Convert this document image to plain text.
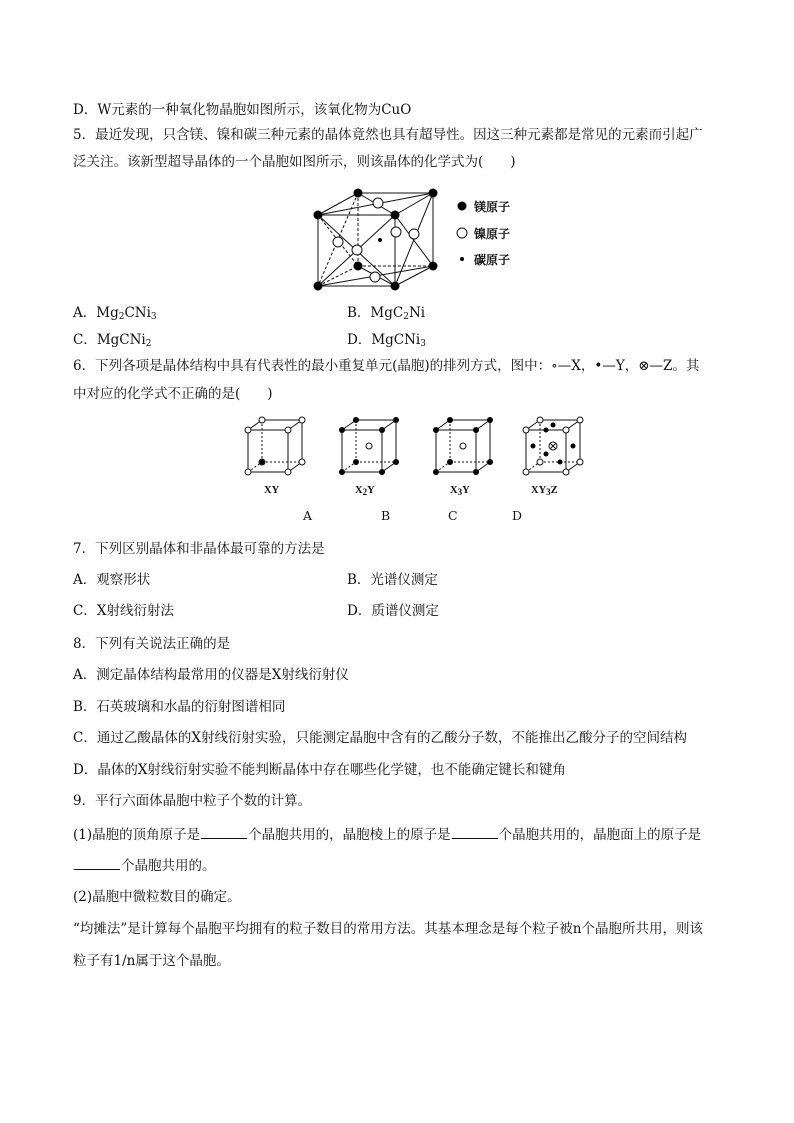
D．W元素的一种氧化物晶胞如图所示，该氧化物为CuO
5．最近发现，只含镁、镍和碳三种元素的晶体竟然也具有超导性。因这三种元素都是常见的元素而引起广
泛关注。该新型超导晶体的一个晶胞如图所示，则该晶体的化学式为(　　)
镁原子
镍原子
碳原子
A．$Mg_2CNi_3$	B．MgC$_2$Ni
C．MgCNi$_2$	D．MgCNi$_3$
6．下列各项是晶体结构中具有代表性的最小重复单元(晶胞)的排列方式，图中：∘—X，•—Y，⊗—Z。其
中对应的化学式不正确的是(　　)
XY	$X_2Y$	$X_3Y$	$XY_3Z$
A	B	C	D
7．下列区别晶体和非晶体最可靠的方法是
A．观察形状	B．光谱仪测定
C．X射线衍射法	D．质谱仪测定
8．下列有关说法正确的是
A．测定晶体结构最常用的仪器是X射线衍射仪
B．石英玻璃和水晶的衍射图谱相同
C．通过乙酸晶体的X射线衍射实验，只能测定晶胞中含有的乙酸分子数，不能推出乙酸分子的空间结构
D．晶体的X射线衍射实验不能判断晶体中存在哪些化学键，也不能确定键长和键角
9．平行六面体晶胞中粒子个数的计算。
(1)晶胞的顶角原子是	个晶胞共用的，晶胞棱上的原子是	个晶胞共用的，晶胞面上的原子是
个晶胞共用的。
(2)晶胞中微粒数目的确定。
“均摊法”是计算每个晶胞平均拥有的粒子数目的常用方法。其基本理念是每个粒子被n个晶胞所共用，则该
粒子有1/n属于这个晶胞。
